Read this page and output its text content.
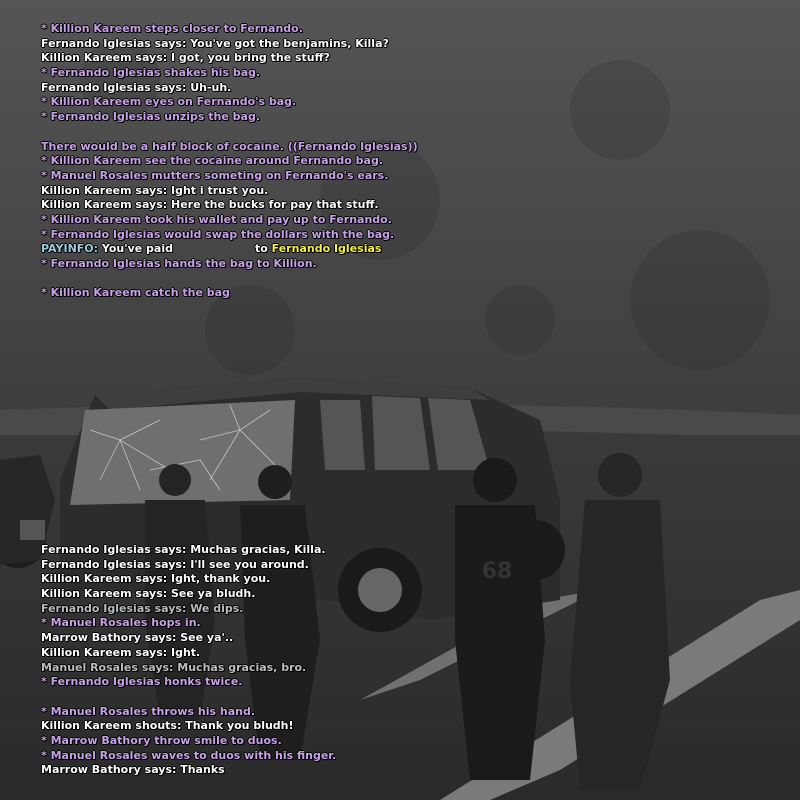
68
* Killion Kareem steps closer to Fernando.
Fernando Iglesias says: You've got the benjamins, Killa?
Killion Kareem says: I got, you bring the stuff?
* Fernando Iglesias shakes his bag.
Fernando Iglesias says: Uh-uh.
* Killion Kareem eyes on Fernando's bag.
* Fernando Iglesias unzips the bag.
There would be a half block of cocaine. ((Fernando Iglesias))
* Killion Kareem see the cocaine around Fernando bag.
* Manuel Rosales mutters someting on Fernando's ears.
Killion Kareem says: Ight i trust you.
Killion Kareem says: Here the bucks for pay that stuff.
* Killion Kareem took his wallet and pay up to Fernando.
* Fernando Iglesias would swap the dollars with the bag.
PAYINFO: You've paid	to Fernando Iglesias
* Fernando Iglesias hands the bag to Killion.
* Killion Kareem catch the bag
Fernando Iglesias says: Muchas gracias, Killa.
Fernando Iglesias says: I'll see you around.
Killion Kareem says: Ight, thank you.
Killion Kareem says: See ya bludh.
Fernando Iglesias says: We dips.
* Manuel Rosales hops in.
Marrow Bathory says: See ya'..
Killion Kareem says: Ight.
Manuel Rosales says: Muchas gracias, bro.
* Fernando Iglesias honks twice.
* Manuel Rosales throws his hand.
Killion Kareem shouts: Thank you bludh!
* Marrow Bathory throw smile to duos.
* Manuel Rosales waves to duos with his finger.
Marrow Bathory says: Thanks
